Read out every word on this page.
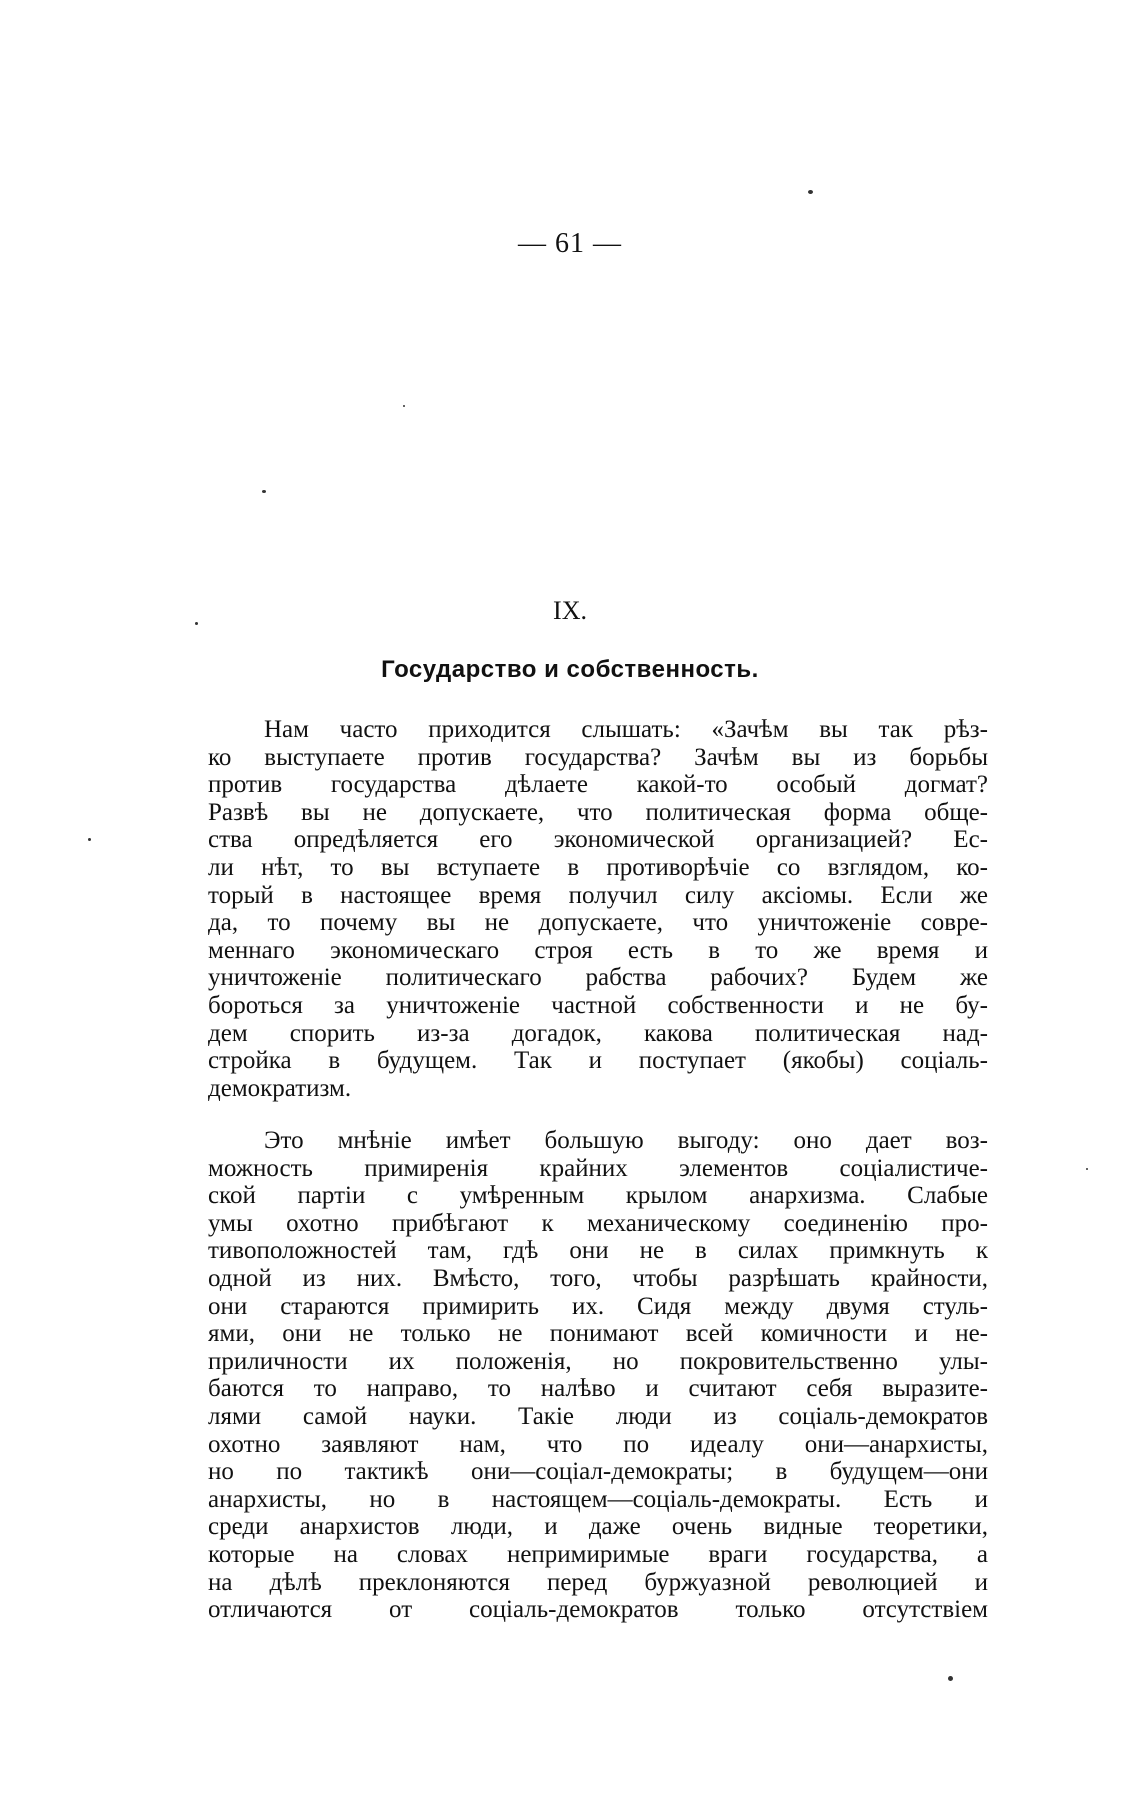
— 61 —
IX.
Государство и собственность.
Нам часто приходится слышать: «Зачѣм вы так рѣз-
ко выступаете против государства? Зачѣм вы из борьбы
против государства дѣлаете какой-то особый догмат?
Развѣ вы не допускаете, что политическая форма обще-
ства опредѣляется его экономической организацией? Ес-
ли нѣт, то вы вступаете в противорѣчіе со взглядом, ко-
торый в настоящее время получил силу аксіомы. Если же
да, то почему вы не допускаете, что уничтоженіе совре-
меннаго экономическаго строя есть в то же время и
уничтоженіе политическаго рабства рабочих? Будем же
бороться за уничтоженіе частной собственности и не бу-
дем спорить из-за догадок, какова политическая над-
стройка в будущем. Так и поступает (якобы) соціаль-
демократизм.
Это мнѣніе имѣет большую выгоду: оно дает воз-
можность примиренія крайних элементов соціалистиче-
ской партіи с умѣренным крылом анархизма. Слабые
умы охотно прибѣгают к механическому соединенію про-
тивоположностей там, гдѣ они не в силах примкнуть к
одной из них. Вмѣсто, того, чтобы разрѣшать крайности,
они стараются примирить их. Сидя между двумя стуль-
ями, они не только не понимают всей комичности и не-
приличности их положенія, но покровительственно улы-
баются то направо, то налѣво и считают себя выразите-
лями самой науки. Такіе люди из соціаль-демократов
охотно заявляют нам, что по идеалу они—анархисты,
но по тактикѣ они—соціал-демократы; в будущем—они
анархисты, но в настоящем—соціаль-демократы. Есть и
среди анархистов люди, и даже очень видные теоретики,
которые на словах непримиримые враги государства, а
на дѣлѣ преклоняются перед буржуазной революцией и
отличаются от соціаль-демократов только отсутствіем
